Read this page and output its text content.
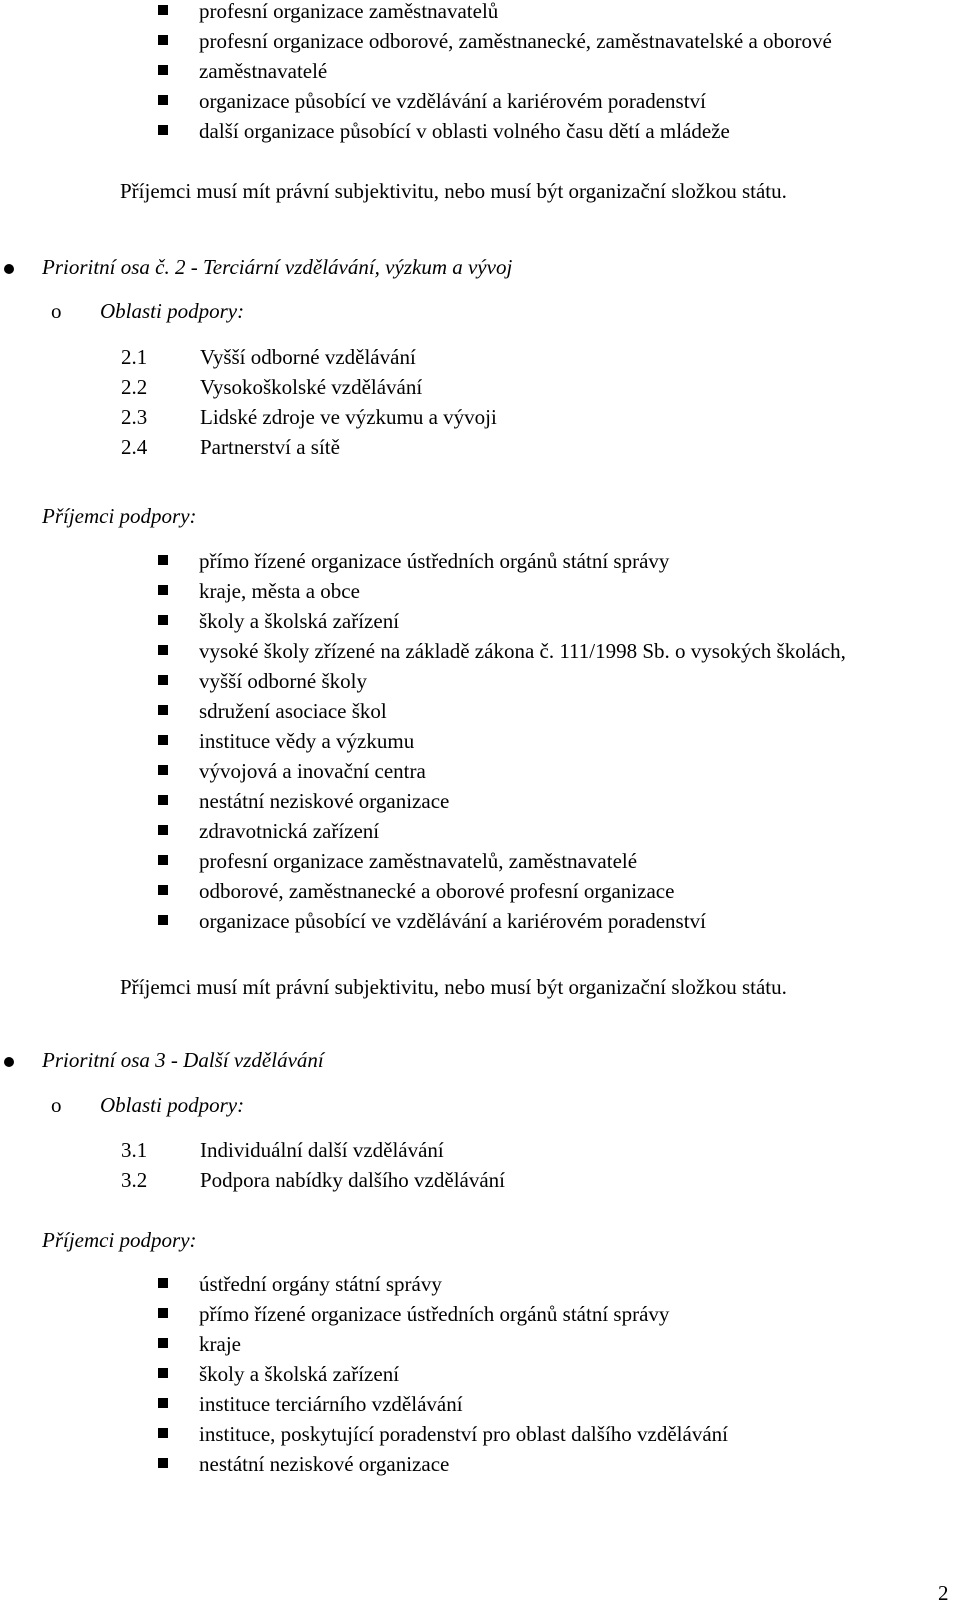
profesní organizace zaměstnavatelů
profesní organizace odborové, zaměstnanecké, zaměstnavatelské a oborové
zaměstnavatelé
organizace působící ve vzdělávání a kariérovém poradenství
další organizace působící v oblasti volného času dětí a mládeže
Příjemci musí mít právní subjektivitu, nebo musí být organizační složkou státu.
Prioritní osa č. 2 - Terciární vzdělávání, výzkum a vývoj
o Oblasti podpory:
2.1	Vyšší odborné vzdělávání
2.2	Vysokoškolské vzdělávání
2.3	Lidské zdroje ve výzkumu a vývoji
2.4	Partnerství a sítě
Příjemci podpory:
přímo řízené organizace ústředních orgánů státní správy
kraje, města a obce
školy a školská zařízení
vysoké školy zřízené na základě zákona č. 111/1998 Sb. o vysokých školách,
vyšší odborné školy
sdružení asociace škol
instituce vědy a výzkumu
vývojová a inovační centra
nestátní neziskové organizace
zdravotnická zařízení
profesní organizace zaměstnavatelů, zaměstnavatelé
odborové, zaměstnanecké a oborové profesní organizace
organizace působící ve vzdělávání a kariérovém poradenství
Příjemci musí mít právní subjektivitu, nebo musí být organizační složkou státu.
Prioritní osa 3 - Další vzdělávání
o Oblasti podpory:
3.1	Individuální další vzdělávání
3.2	Podpora nabídky dalšího vzdělávání
Příjemci podpory:
ústřední orgány státní správy
přímo řízené organizace ústředních orgánů státní správy
kraje
školy a školská zařízení
instituce terciárního vzdělávání
instituce, poskytující poradenství pro oblast dalšího vzdělávání
nestátní neziskové organizace
2
